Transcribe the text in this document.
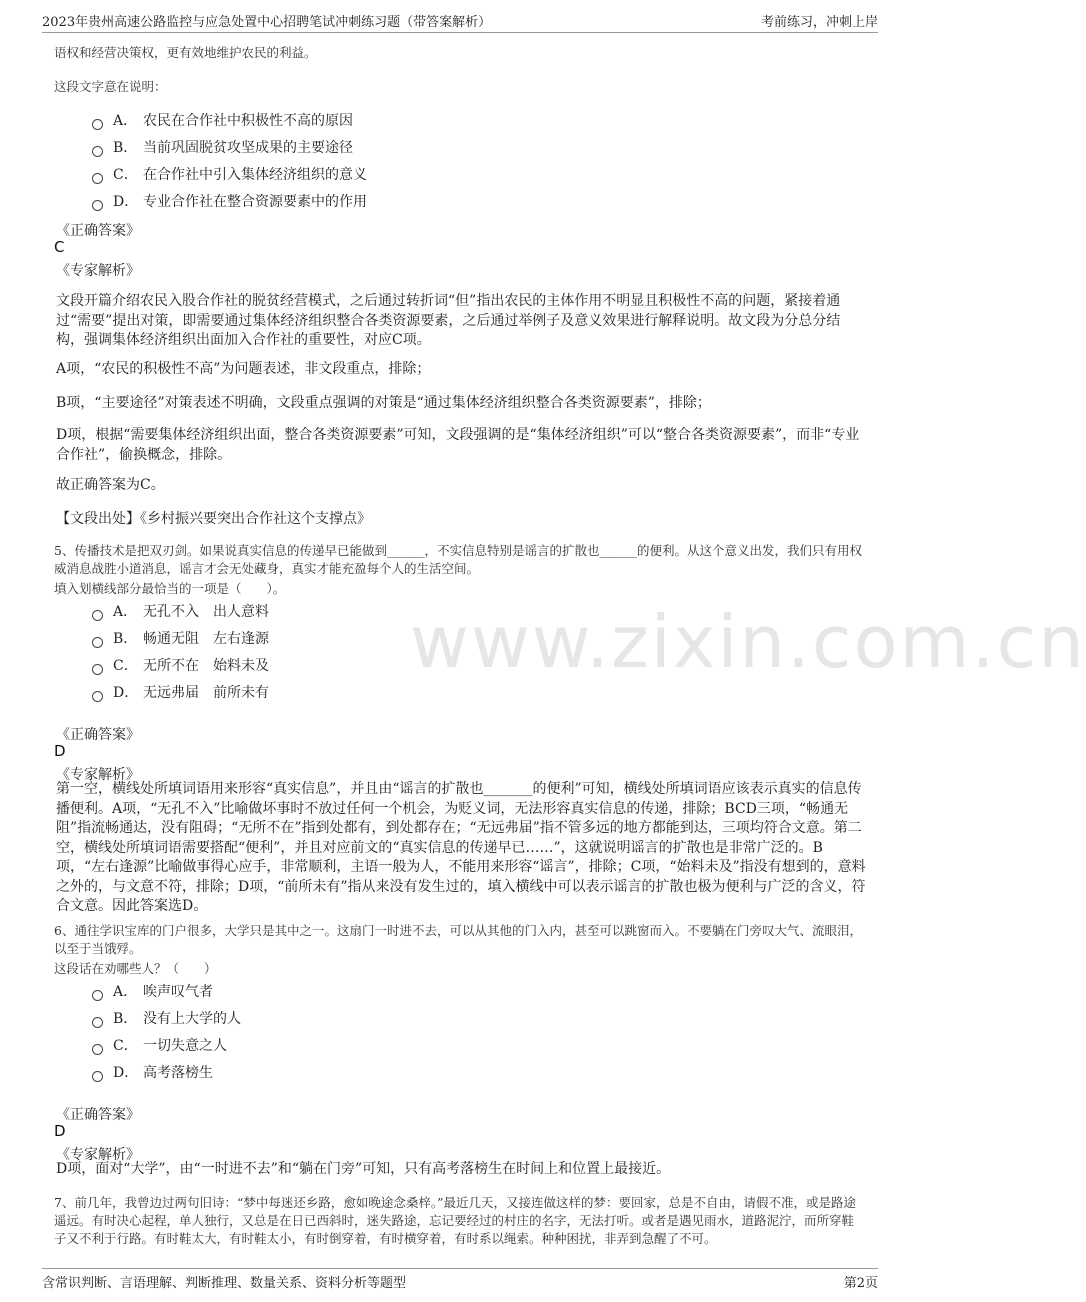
2023年贵州高速公路监控与应急处置中心招聘笔试冲刺练习题（带答案解析）	考前练习，冲刺上岸
www.zixin.com.cn
语权和经营决策权，更有效地维护农民的利益。
这段文字意在说明：
A． 农民在合作社中积极性不高的原因
B． 当前巩固脱贫攻坚成果的主要途径
C． 在合作社中引入集体经济组织的意义
D． 专业合作社在整合资源要素中的作用
《正确答案》
C
《专家解析》
文段开篇介绍农民入股合作社的脱贫经营模式，之后通过转折词“但”指出农民的主体作用不明显且积极性不高的问题，紧接着通过“需要”提出对策，即需要通过集体经济组织整合各类资源要素，之后通过举例子及意义效果进行解释说明。故文段为分总分结构，强调集体经济组织出面加入合作社的重要性，对应C项。
A项，“农民的积极性不高”为问题表述，非文段重点，排除；
B项，“主要途径”对策表述不明确，文段重点强调的对策是“通过集体经济组织整合各类资源要素”，排除；
D项，根据“需要集体经济组织出面，整合各类资源要素”可知，文段强调的是“集体经济组织”可以“整合各类资源要素”，而非“专业合作社”，偷换概念，排除。
故正确答案为C。
【文段出处】《乡村振兴要突出合作社这个支撑点》
5、传播技术是把双刃剑。如果说真实信息的传递早已能做到______，不实信息特别是谣言的扩散也______的便利。从这个意义出发，我们只有用权威消息战胜小道消息，谣言才会无处藏身，真实才能充盈每个人的生活空间。
填入划横线部分最恰当的一项是（　　）。
A． 无孔不入　出人意料
B． 畅通无阻　左右逢源
C． 无所不在　始料未及
D． 无远弗届　前所未有
《正确答案》
D
《专家解析》
第一空，横线处所填词语用来形容“真实信息”，并且由“谣言的扩散也_______的便利”可知，横线处所填词语应该表示真实的信息传播便利。A项，“无孔不入”比喻做坏事时不放过任何一个机会，为贬义词，无法形容真实信息的传递，排除；BCD三项，“畅通无阻”指流畅通达，没有阻碍；“无所不在”指到处都有，到处都存在；“无远弗届”指不管多远的地方都能到达，三项均符合文意。第二空，横线处所填词语需要搭配“便利”，并且对应前文的“真实信息的传递早已……”，这就说明谣言的扩散也是非常广泛的。B项，“左右逢源”比喻做事得心应手，非常顺利，主语一般为人，不能用来形容“谣言”，排除；C项，“始料未及”指没有想到的，意料之外的，与文意不符，排除；D项，“前所未有”指从来没有发生过的，填入横线中可以表示谣言的扩散也极为便利与广泛的含义，符合文意。因此答案选D。
6、通往学识宝库的门户很多，大学只是其中之一。这扇门一时进不去，可以从其他的门入内，甚至可以跳窗而入。不要躺在门旁叹大气、流眼泪，以至于当饿殍。
这段话在劝哪些人？（　　）
A． 唉声叹气者
B． 没有上大学的人
C． 一切失意之人
D． 高考落榜生
《正确答案》
D
《专家解析》
D项，面对“大学”，由“一时进不去”和“躺在门旁”可知，只有高考落榜生在时间上和位置上最接近。
7、前几年，我曾边过两句旧诗：“梦中每迷还乡路，愈如晚途念桑梓。”最近几天，又接连做这样的梦：要回家，总是不自由，请假不准，或是路途遥远。有时决心起程，单人独行，又总是在日已西斜时，迷失路途，忘记要经过的村庄的名字，无法打听。或者是遇见雨水，道路泥泞，而所穿鞋子又不利于行路。有时鞋太大，有时鞋太小，有时倒穿着，有时横穿着，有时系以绳索。种种困扰，非弄到急醒了不可。
含常识判断、言语理解、判断推理、数量关系、资料分析等题型	第2页
